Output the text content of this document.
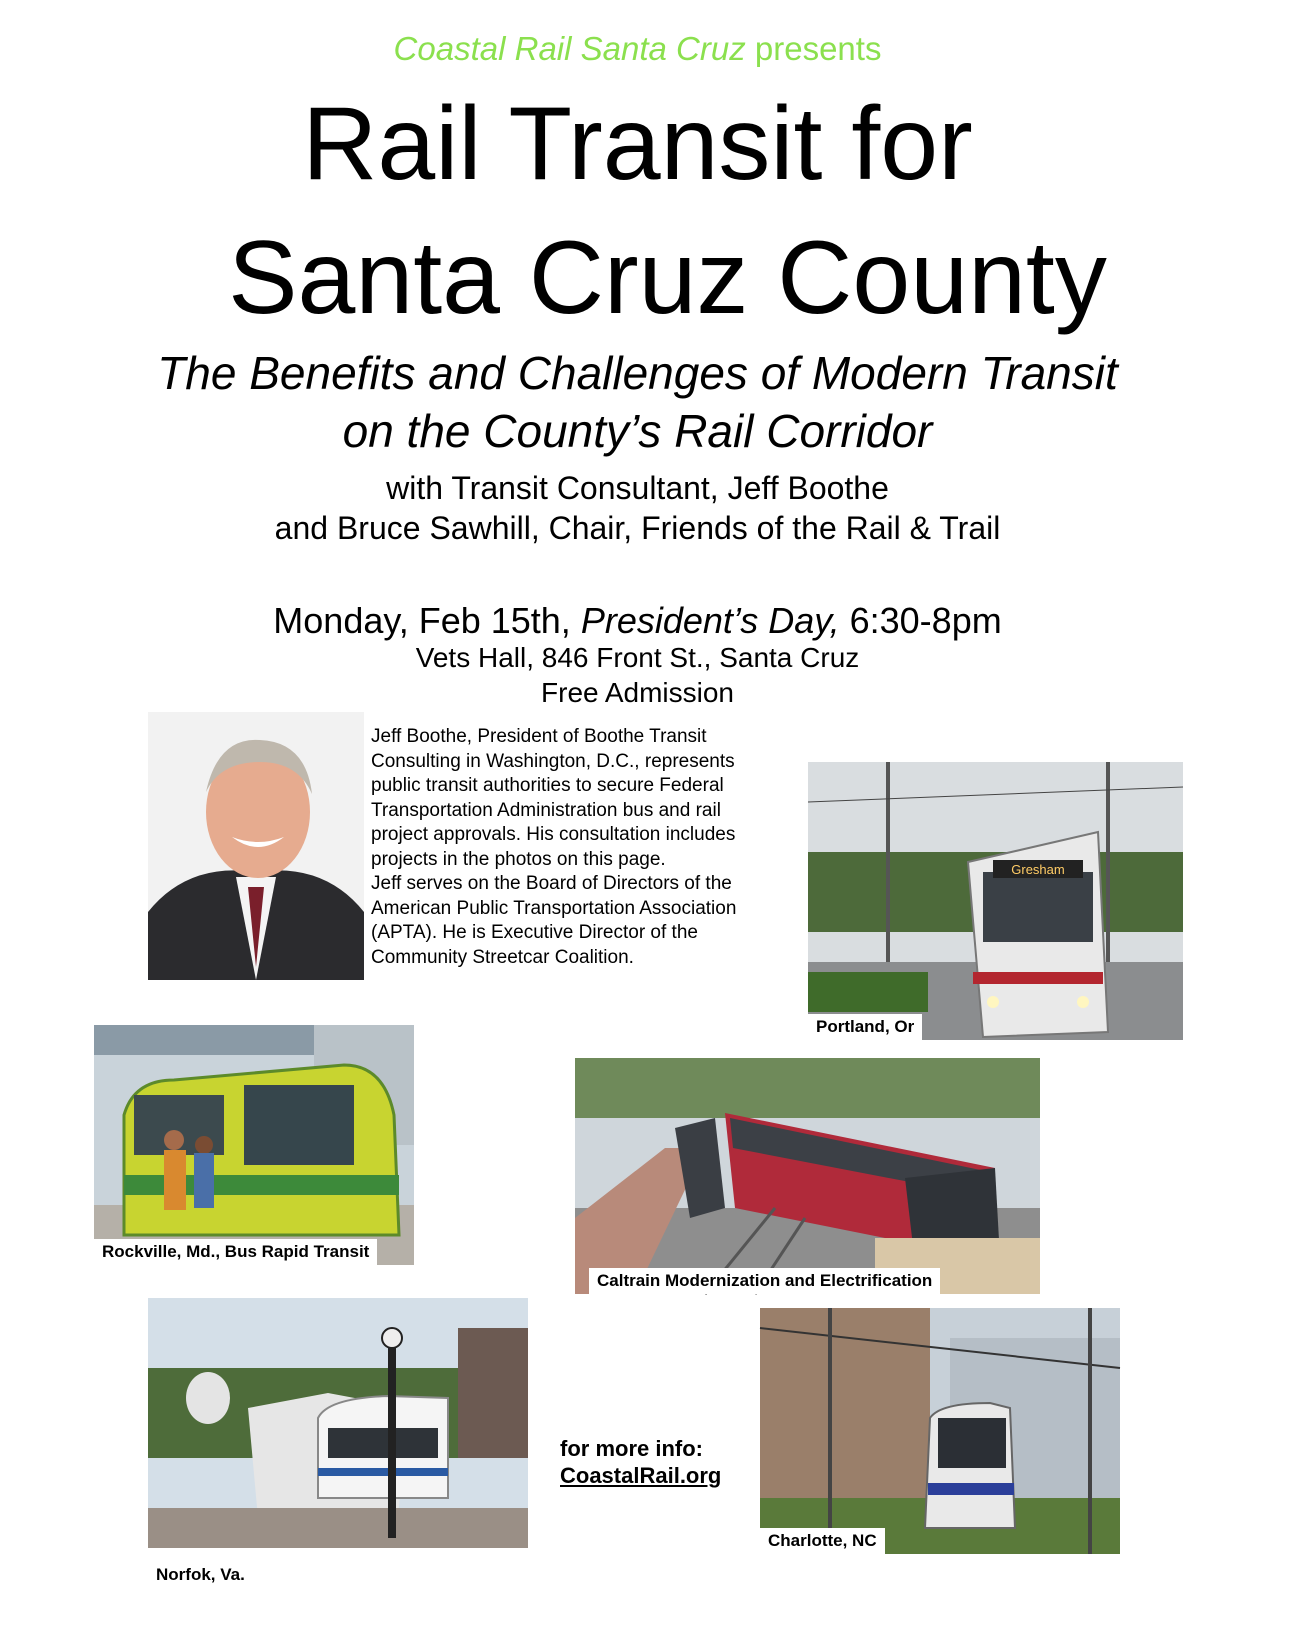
Coastal Rail Santa Cruz presents
Rail Transit for
Santa Cruz County
The Benefits and Challenges of Modern Transit
on the County’s Rail Corridor
with Transit Consultant, Jeff Boothe
and Bruce Sawhill, Chair, Friends of the Rail & Trail
Monday, Feb 15th, President’s Day, 6:30-8pm
Vets Hall, 846 Front St., Santa Cruz
Free Admission
Jeff Boothe, President of Boothe Transit
Consulting in Washington, D.C., represents
public transit authorities to secure Federal
Transportation Administration bus and rail
project approvals. His consultation includes
projects in the photos on this page.
Jeff serves on the Board of Directors of the
American Public Transportation Association
(APTA). He is Executive Director of the
Community Streetcar Coalition.
Gresham
Portland, Or
Rockville, Md., Bus Rapid Transit
Caltrain Modernization and Electrification
Norfok, Va.
Charlotte, NC
for more info:
CoastalRail.org
